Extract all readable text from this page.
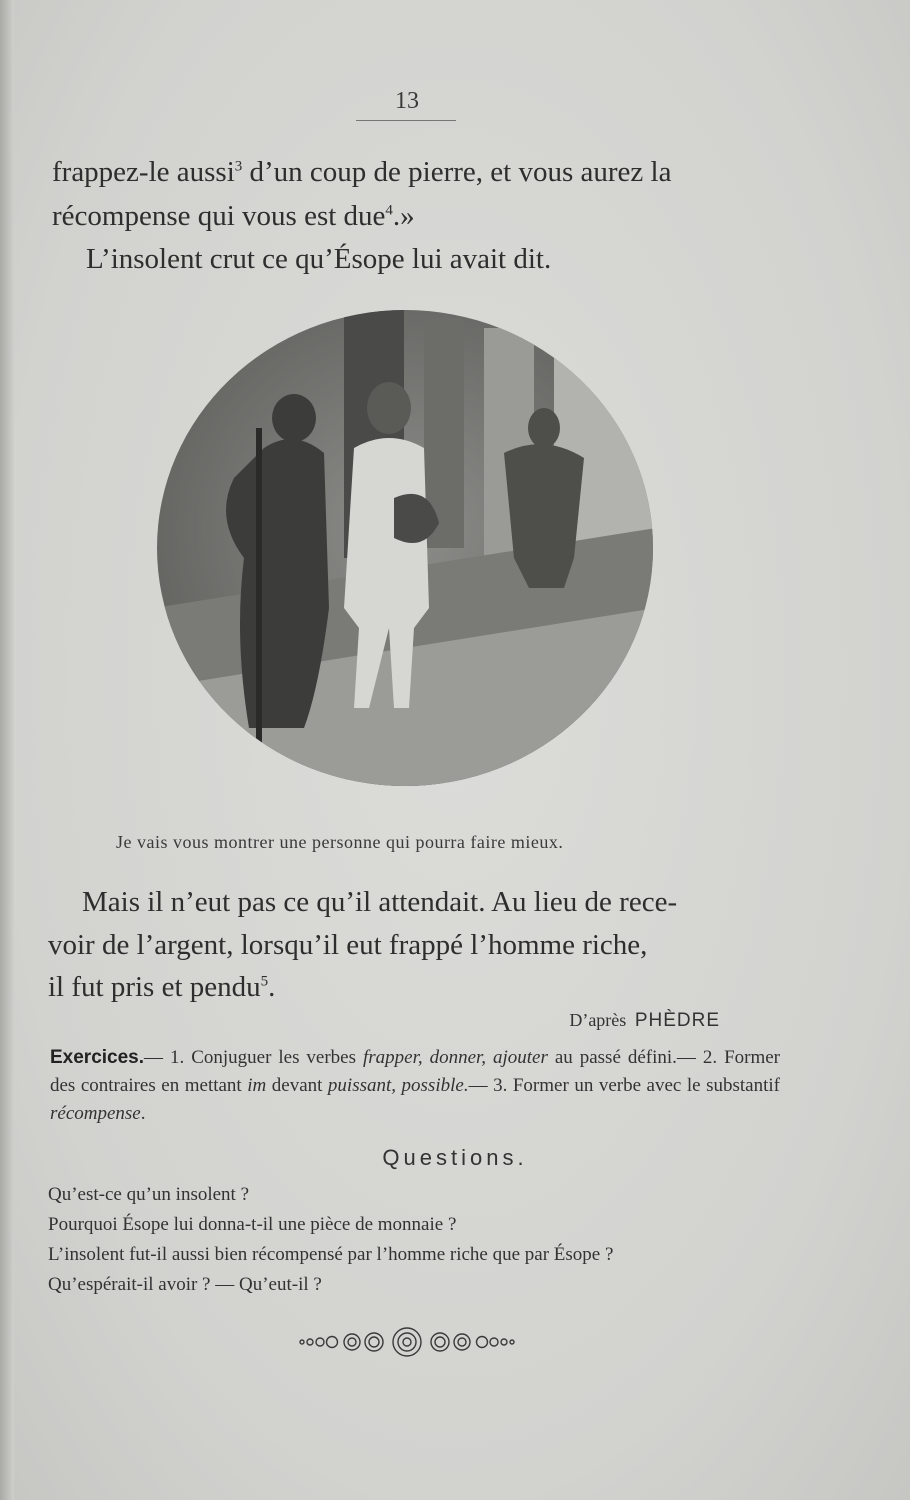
13

frappez-le aussi$^3$ d’un coup de pierre, et vous aurez la

récompense qui vous est due$^4$.»

L’insolent crut ce qu’Ésope lui avait dit.

Je vais vous montrer une personne qui pourra faire mieux.

Mais il n’eut pas ce qu’il attendait. Au lieu de rece-

voir de l’argent, lorsqu’il eut frappé l’homme riche,

il fut pris et pendu$^5$.

D’après PHÈDRE

Exercices.— 1. Conjuguer les verbes frapper, donner, ajouter au passé défini.— 2. Former des contraires en mettant im devant puissant, possible.— 3. Former un verbe avec le substantif récompense.

Questions.
Qu’est-ce qu’un insolent ?
Pourquoi Ésope lui donna-t-il une pièce de monnaie ?
L’insolent fut-il aussi bien récompensé par l’homme riche que par Ésope ?
Qu’espérait-il avoir ? — Qu’eut-il ?
